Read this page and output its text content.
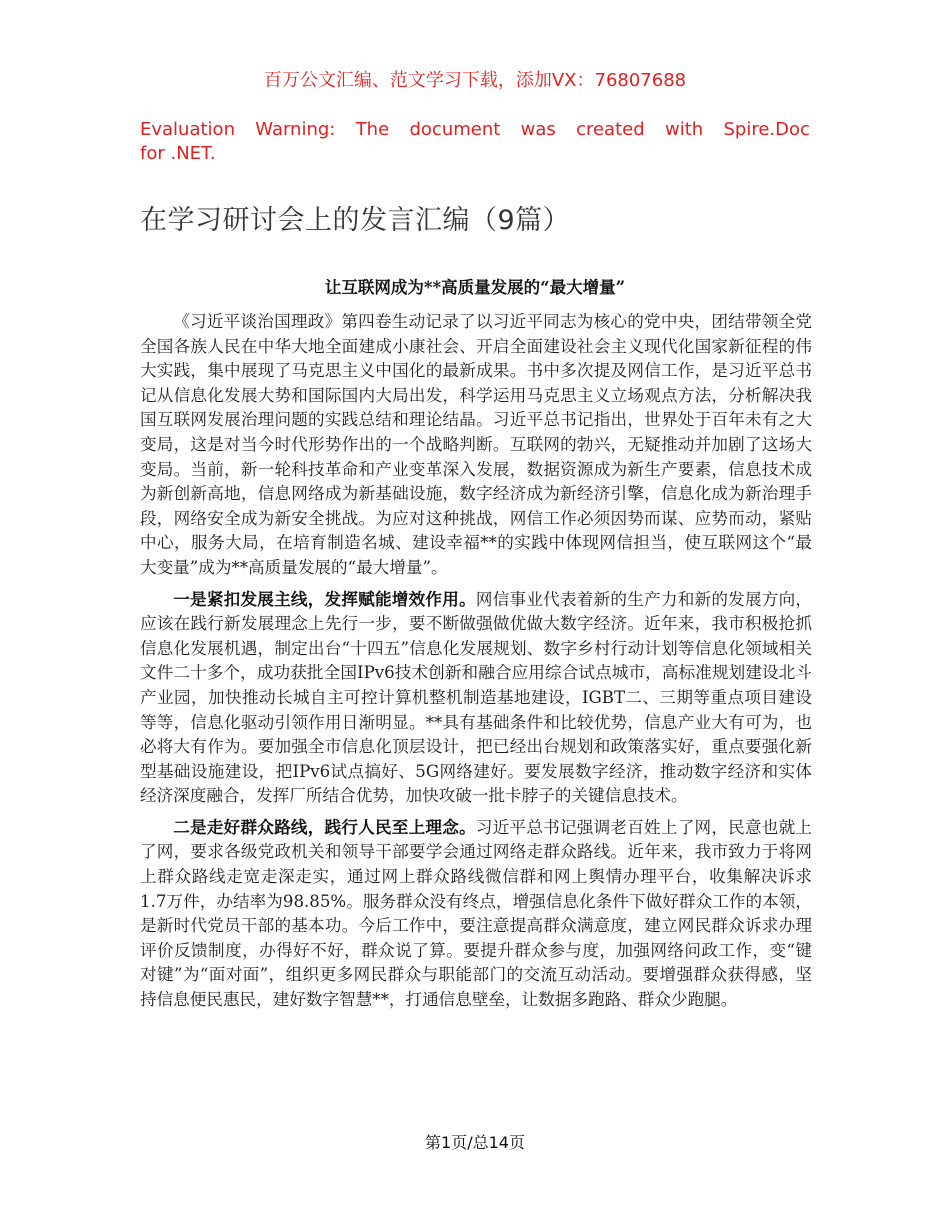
百万公文汇编、范文学习下载，添加VX：76807688
Evaluation Warning: The document was created with Spire.Doc
for .NET.
在学习研讨会上的发言汇编（9篇）
让互联网成为**高质量发展的“最大增量”

《习近平谈治国理政》第四卷生动记录了以习近平同志为核心的党中央，团结带领全党全国各族人民在中华大地全面建成小康社会、开启全面建设社会主义现代化国家新征程的伟大实践，集中展现了马克思主义中国化的最新成果。书中多次提及网信工作，是习近平总书记从信息化发展大势和国际国内大局出发，科学运用马克思主义立场观点方法，分析解决我国互联网发展治理问题的实践总结和理论结晶。习近平总书记指出，世界处于百年未有之大变局，这是对当今时代形势作出的一个战略判断。互联网的勃兴，无疑推动并加剧了这场大变局。当前，新一轮科技革命和产业变革深入发展，数据资源成为新生产要素，信息技术成为新创新高地，信息网络成为新基础设施，数字经济成为新经济引擎，信息化成为新治理手段，网络安全成为新安全挑战。为应对这种挑战，网信工作必须因势而谋、应势而动，紧贴中心，服务大局，在培育制造名城、建设幸福**的实践中体现网信担当，使互联网这个“最大变量”成为**高质量发展的“最大增量”。

一是紧扣发展主线，发挥赋能增效作用。网信事业代表着新的生产力和新的发展方向，应该在践行新发展理念上先行一步，要不断做强做优做大数字经济。近年来，我市积极抢抓信息化发展机遇，制定出台“十四五”信息化发展规划、数字乡村行动计划等信息化领域相关文件二十多个，成功获批全国IPv6技术创新和融合应用综合试点城市，高标准规划建设北斗产业园，加快推动长城自主可控计算机整机制造基地建设，IGBT二、三期等重点项目建设等等，信息化驱动引领作用日渐明显。**具有基础条件和比较优势，信息产业大有可为，也必将大有作为。要加强全市信息化顶层设计，把已经出台规划和政策落实好，重点要强化新型基础设施建设，把IPv6试点搞好、5G网络建好。要发展数字经济，推动数字经济和实体经济深度融合，发挥厂所结合优势，加快攻破一批卡脖子的关键信息技术。

二是走好群众路线，践行人民至上理念。习近平总书记强调老百姓上了网，民意也就上了网，要求各级党政机关和领导干部要学会通过网络走群众路线。近年来，我市致力于将网上群众路线走宽走深走实，通过网上群众路线微信群和网上舆情办理平台，收集解决诉求1.7万件，办结率为98.85%。服务群众没有终点，增强信息化条件下做好群众工作的本领，是新时代党员干部的基本功。今后工作中，要注意提高群众满意度，建立网民群众诉求办理评价反馈制度，办得好不好，群众说了算。要提升群众参与度，加强网络问政工作，变“键对键”为“面对面”，组织更多网民群众与职能部门的交流互动活动。要增强群众获得感，坚持信息便民惠民，建好数字智慧**，打通信息壁垒，让数据多跑路、群众少跑腿。

第1页/总14页
